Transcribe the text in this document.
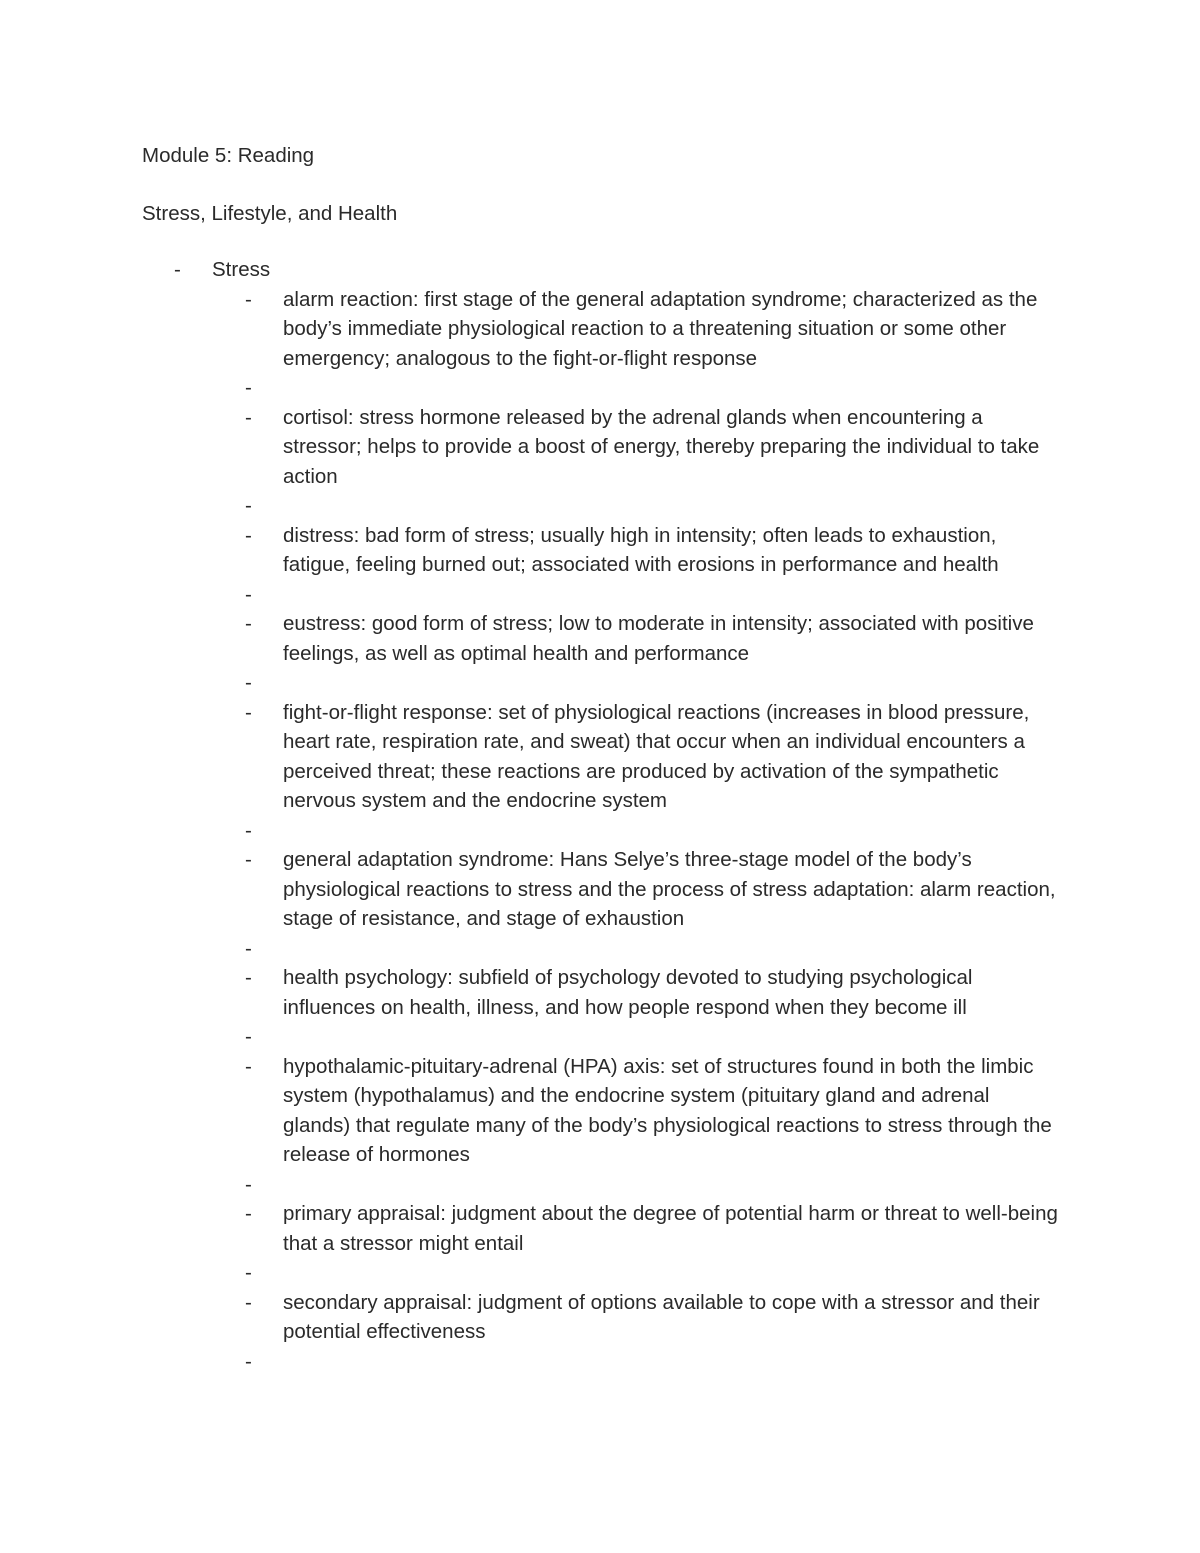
Module 5: Reading
Stress, Lifestyle, and Health
- Stress
- alarm reaction: first stage of the general adaptation syndrome; characterized as the body’s immediate physiological reaction to a threatening situation or some other emergency; analogous to the fight-or-flight response
-
- cortisol: stress hormone released by the adrenal glands when encountering a stressor; helps to provide a boost of energy, thereby preparing the individual to take action
-
- distress: bad form of stress; usually high in intensity; often leads to exhaustion, fatigue, feeling burned out; associated with erosions in performance and health
-
- eustress: good form of stress; low to moderate in intensity; associated with positive feelings, as well as optimal health and performance
-
- fight-or-flight response: set of physiological reactions (increases in blood pressure, heart rate, respiration rate, and sweat) that occur when an individual encounters a perceived threat; these reactions are produced by activation of the sympathetic nervous system and the endocrine system
-
- general adaptation syndrome: Hans Selye’s three-stage model of the body’s physiological reactions to stress and the process of stress adaptation: alarm reaction, stage of resistance, and stage of exhaustion
-
- health psychology: subfield of psychology devoted to studying psychological influences on health, illness, and how people respond when they become ill
-
- hypothalamic-pituitary-adrenal (HPA) axis: set of structures found in both the limbic system (hypothalamus) and the endocrine system (pituitary gland and adrenal glands) that regulate many of the body’s physiological reactions to stress through the release of hormones
-
- primary appraisal: judgment about the degree of potential harm or threat to well-being that a stressor might entail
-
- secondary appraisal: judgment of options available to cope with a stressor and their potential effectiveness
-
